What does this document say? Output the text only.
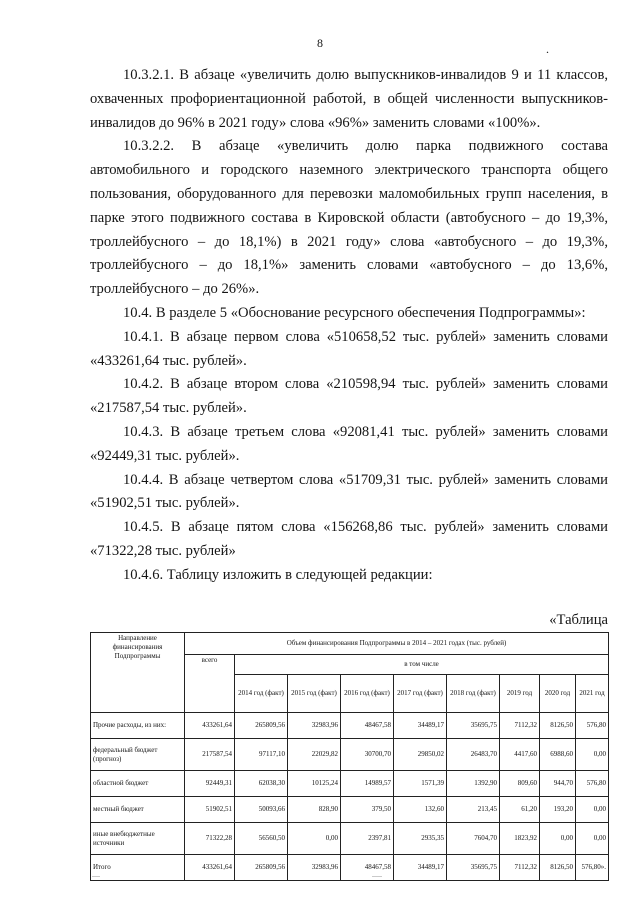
8	.

10.3.2.1. В абзаце «увеличить долю выпускников-инвалидов 9 и 11 классов, охваченных профориентационной работой, в общей численности выпускников-инвалидов до 96% в 2021 году» слова «96%» заменить словами «100%».

10.3.2.2. В абзаце «увеличить долю парка подвижного состава автомобильного и городского наземного электрического транспорта общего пользования, оборудованного для перевозки маломобильных групп населения, в парке этого подвижного состава в Кировской области (автобусного – до 19,3%, троллейбусного – до 18,1%) в 2021 году» слова «автобусного – до 19,3%, троллейбусного – до 18,1%» заменить словами «автобусного – до 13,6%, троллейбусного – до 26%».

10.4. В разделе 5 «Обоснование ресурсного обеспечения Подпрограммы»:

10.4.1. В абзаце первом слова «510658,52 тыс. рублей» заменить словами «433261,64 тыс. рублей».

10.4.2. В абзаце втором слова «210598,94 тыс. рублей» заменить словами «217587,54 тыс. рублей».

10.4.3. В абзаце третьем слова «92081,41 тыс. рублей» заменить словами «92449,31 тыс. рублей».

10.4.4. В абзаце четвертом слова «51709,31 тыс. рублей» заменить словами «51902,51 тыс. рублей».

10.4.5. В абзаце пятом слова «156268,86 тыс. рублей» заменить словами «71322,28 тыс. рублей»

10.4.6. Таблицу изложить в следующей редакции:

«Таблица
Направление финансирования Подпрограммы	Объем финансирования Подпрограммы в 2014 – 2021 годах (тыс. рублей)								
	всего	в том числе							
		2014 год (факт)	2015 год (факт)	2016 год (факт)	2017 год (факт)	2018 год (факт)	2019 год	2020 год	2021 год
Прочие расходы, из них:	433261,64	265809,56	32983,96	48467,58	34489,17	35695,75	7112,32	8126,50	576,80
федеральный бюджет (прогноз)	217587,54	97117,10	22029,82	30700,70	29850,02	26483,70	4417,60	6988,60	0,00
областной бюджет	92449,31	62038,30	10125,24	14989,57	1571,39	1392,90	809,60	944,70	576,80
местный бюджет	51902,51	50093,66	828,90	379,50	132,60	213,45	61,20	193,20	0,00
иные внебюджетные источники	71322,28	56560,50	0,00	2397,81	2935,35	7604,70	1823,92	0,00	0,00
Итого	433261,64	265809,56	32983,96	48467,58	34489,17	35695,75	7112,32	8126,50	576,80».
....	.....
